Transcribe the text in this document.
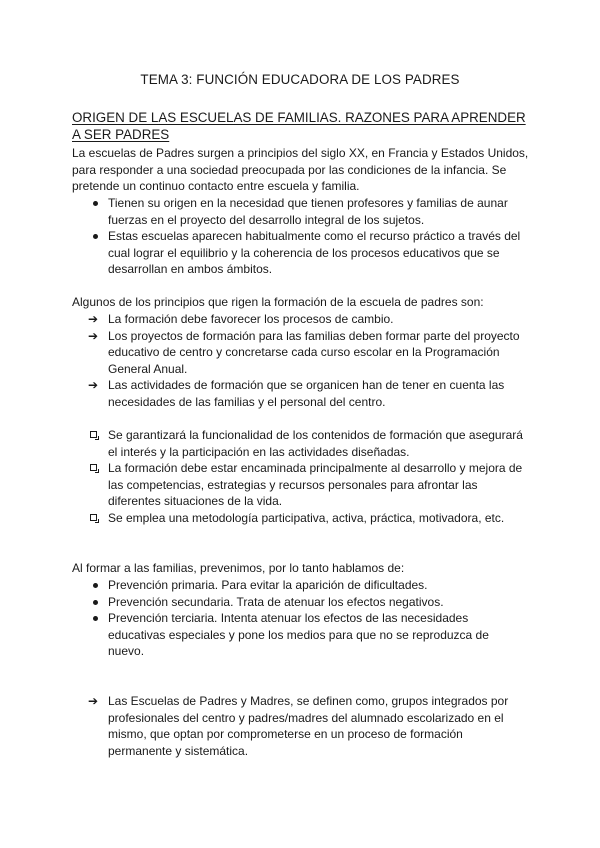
TEMA 3: FUNCIÓN EDUCADORA DE LOS PADRES
ORIGEN DE LAS ESCUELAS DE FAMILIAS. RAZONES PARA APRENDER A SER PADRES

La escuelas de Padres surgen a principios del siglo XX, en Francia y Estados Unidos, para responder a una sociedad preocupada por las condiciones de la infancia. Se pretende un continuo contacto entre escuela y familia.

Tienen su origen en la necesidad que tienen profesores y familias de aunar fuerzas en el proyecto del desarrollo integral de los sujetos.
Estas escuelas aparecen habitualmente como el recurso práctico a través del cual lograr el equilibrio y la coherencia de los procesos educativos que se desarrollan en ambos ámbitos.

Algunos de los principios que rigen la formación de la escuela de padres son:

➔ La formación debe favorecer los procesos de cambio.
➔ Los proyectos de formación para las familias deben formar parte del proyecto educativo de centro y concretarse cada curso escolar en la Programación General Anual.
➔ Las actividades de formación que se organicen han de tener en cuenta las necesidades de las familias y el personal del centro.
Se garantizará la funcionalidad de los contenidos de formación que asegurará el interés y la participación en las actividades diseñadas.
La formación debe estar encaminada principalmente al desarrollo y mejora de las competencias, estrategias y recursos personales para afrontar las diferentes situaciones de la vida.
Se emplea una metodología participativa, activa, práctica, motivadora, etc.

Al formar a las familias, prevenimos, por lo tanto hablamos de:

Prevención primaria. Para evitar la aparición de dificultades.
Prevención secundaria. Trata de atenuar los efectos negativos.
Prevención terciaria. Intenta atenuar los efectos de las necesidades educativas especiales y pone los medios para que no se reproduzca de nuevo.
➔ Las Escuelas de Padres y Madres, se definen como, grupos integrados por profesionales del centro y padres/madres del alumnado escolarizado en el mismo, que optan por comprometerse en un proceso de formación permanente y sistemática.
